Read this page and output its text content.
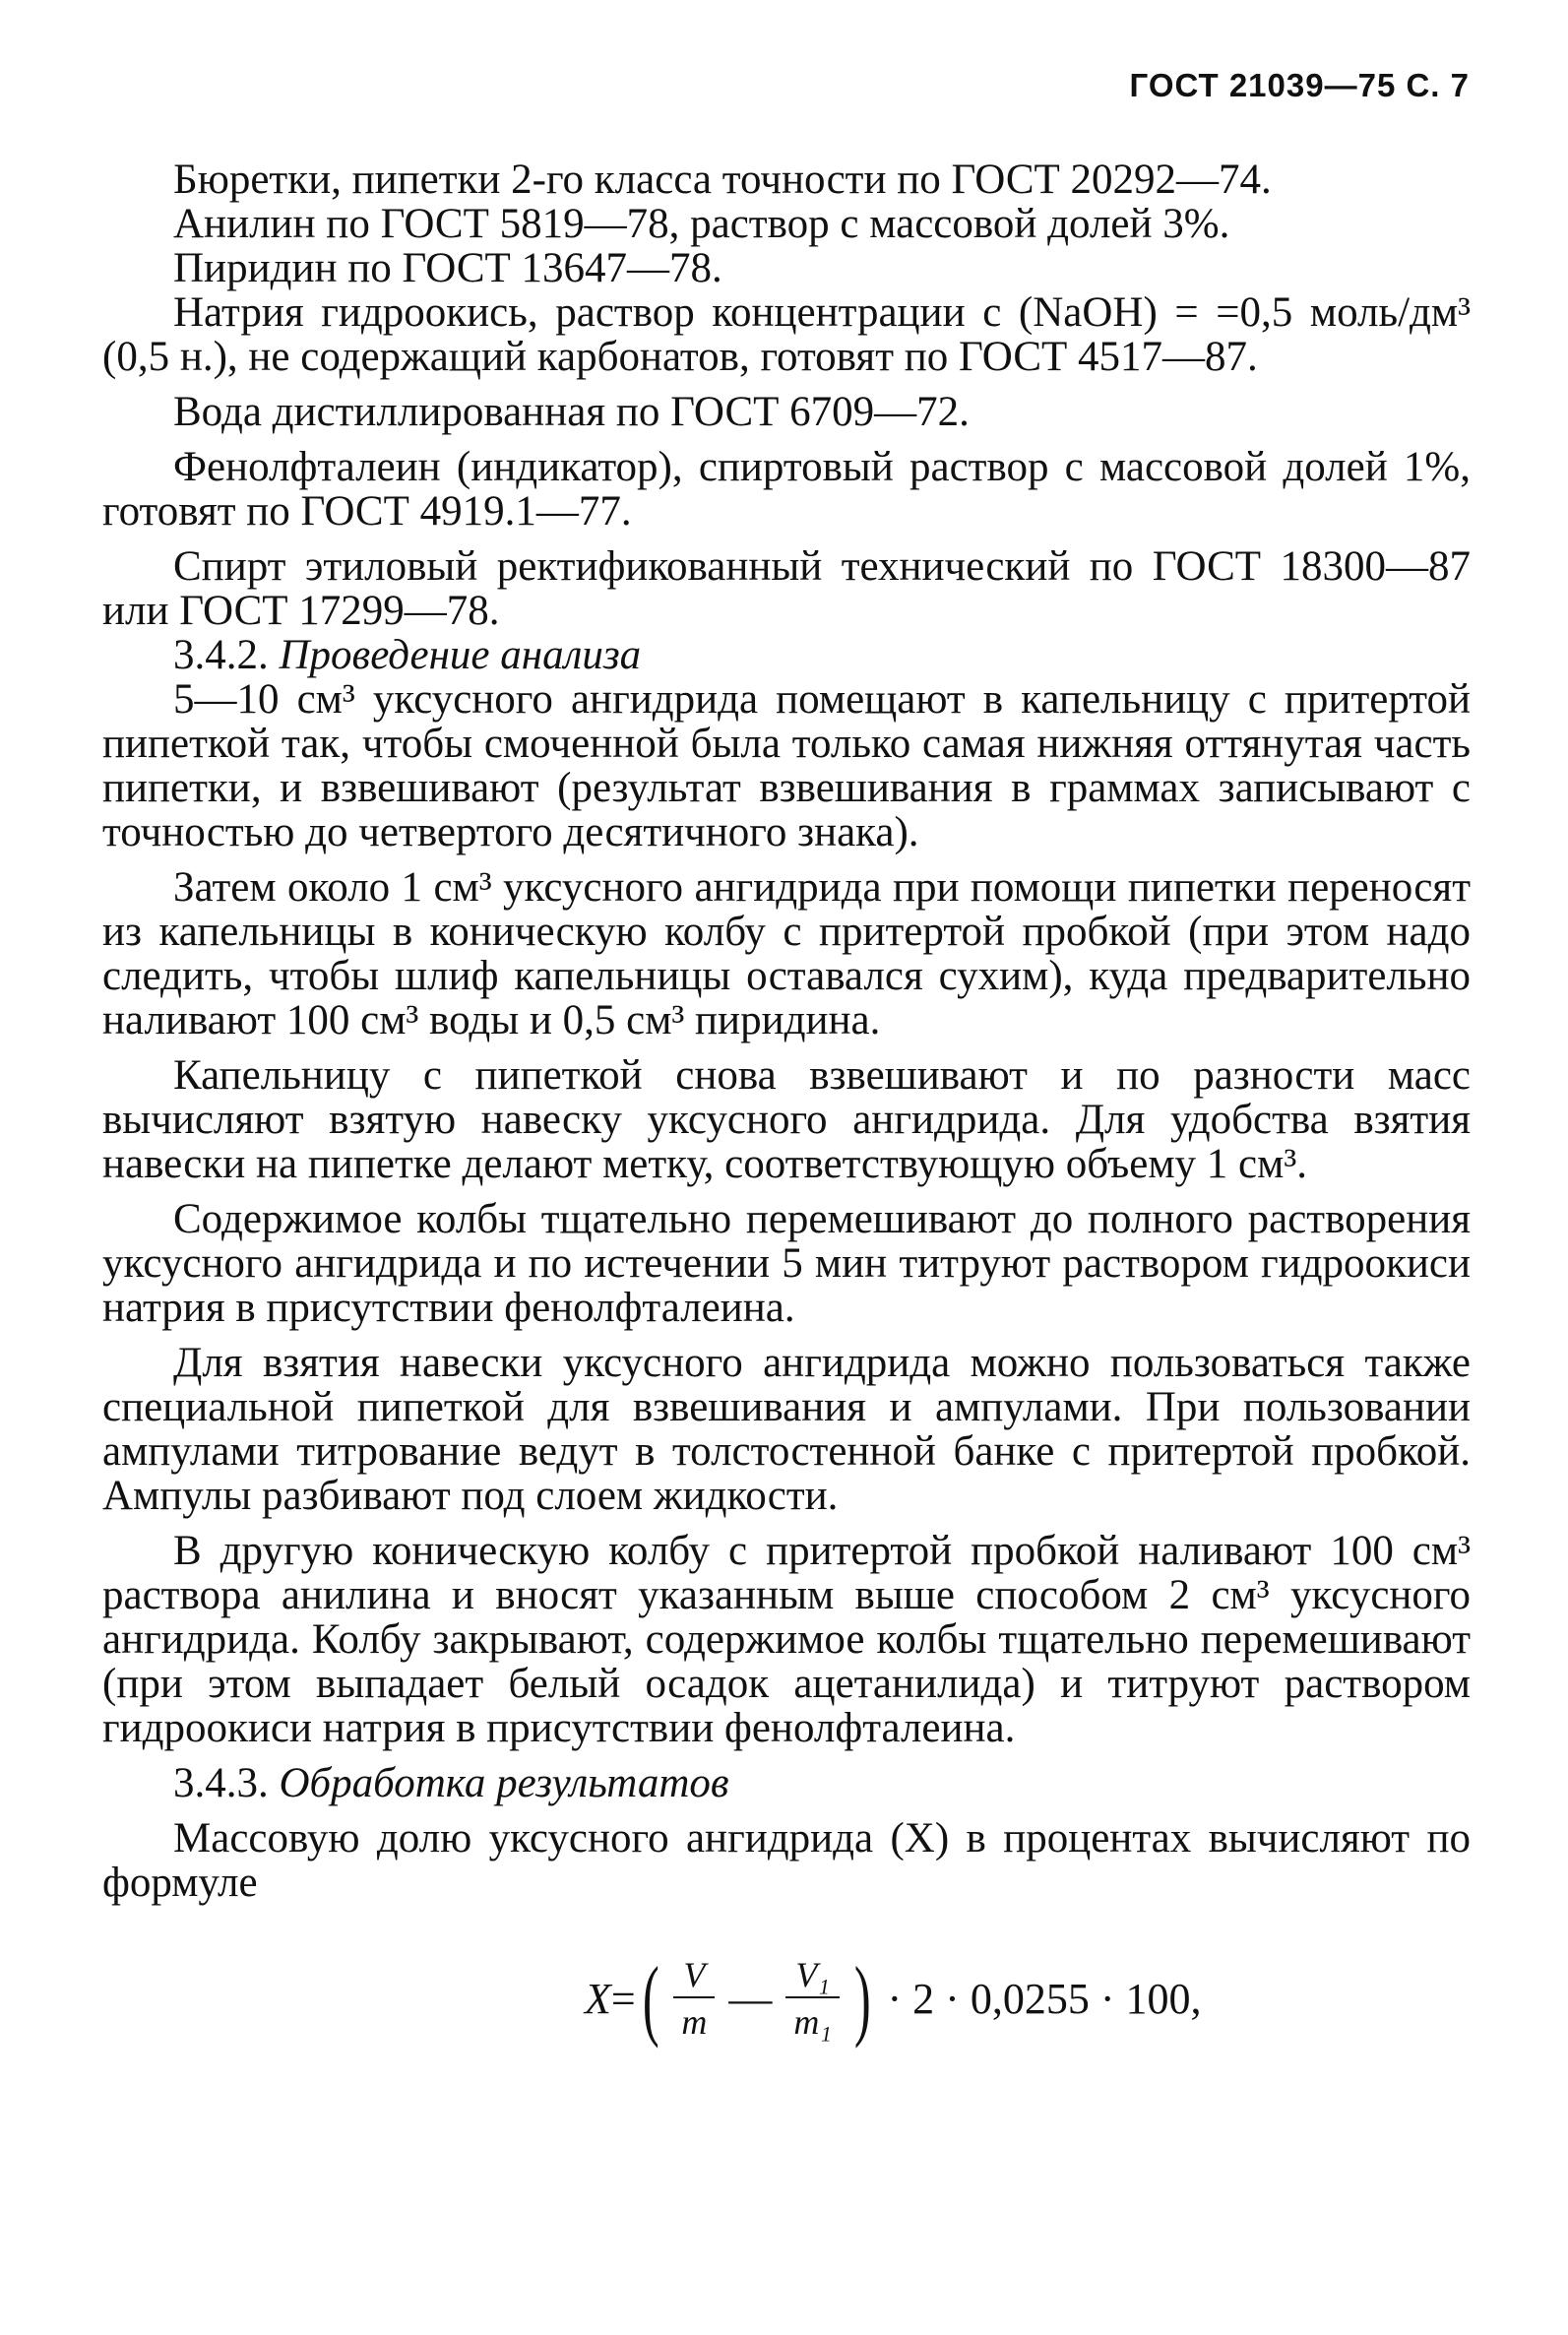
ГОСТ 21039—75 С. 7

Бюретки, пипетки 2-го класса точности по ГОСТ 20292—74.

Анилин по ГОСТ 5819—78, раствор с массовой долей 3%.

Пиридин по ГОСТ 13647—78.

Натрия гидроокись, раствор концентрации c (NaOH) = =0,5 моль/дм³ (0,5 н.), не содержащий карбонатов, готовят по ГОСТ 4517—87.

Вода дистиллированная по ГОСТ 6709—72.

Фенолфталеин (индикатор), спиртовый раствор с массовой долей 1%, готовят по ГОСТ 4919.1—77.

Спирт этиловый ректификованный технический по ГОСТ 18300—87 или ГОСТ 17299—78.

3.4.2. Проведение анализа

5—10 см³ уксусного ангидрида помещают в капельницу с притертой пипеткой так, чтобы смоченной была только самая нижняя оттянутая часть пипетки, и взвешивают (результат взвешивания в граммах записывают с точностью до четвертого десятичного знака).

Затем около 1 см³ уксусного ангидрида при помощи пипетки переносят из капельницы в коническую колбу с притертой пробкой (при этом надо следить, чтобы шлиф капельницы оставался сухим), куда предварительно наливают 100 см³ воды и 0,5 см³ пиридина.

Капельницу с пипеткой снова взвешивают и по разности масс вычисляют взятую навеску уксусного ангидрида. Для удобства взятия навески на пипетке делают метку, соответствующую объему 1 см³.

Содержимое колбы тщательно перемешивают до полного растворения уксусного ангидрида и по истечении 5 мин титруют раствором гидроокиси натрия в присутствии фенолфталеина.

Для взятия навески уксусного ангидрида можно пользоваться также специальной пипеткой для взвешивания и ампулами. При пользовании ампулами титрование ведут в толстостенной банке с притертой пробкой. Ампулы разбивают под слоем жидкости.

В другую коническую колбу с притертой пробкой наливают 100 см³ раствора анилина и вносят указанным выше способом 2 см³ уксусного ангидрида. Колбу закрывают, содержимое колбы тщательно перемешивают (при этом выпадает белый осадок ацетанилида) и титруют раствором гидроокиси натрия в присутствии фенолфталеина.

3.4.3. Обработка результатов

Массовую долю уксусного ангидрида (X) в процентах вычисляют по формуле

X = ( $\frac{V}{m}$ — $\frac{\text{V₁}}{\text{m₁}}$ ) · 2 · 0,0255 · 100,
